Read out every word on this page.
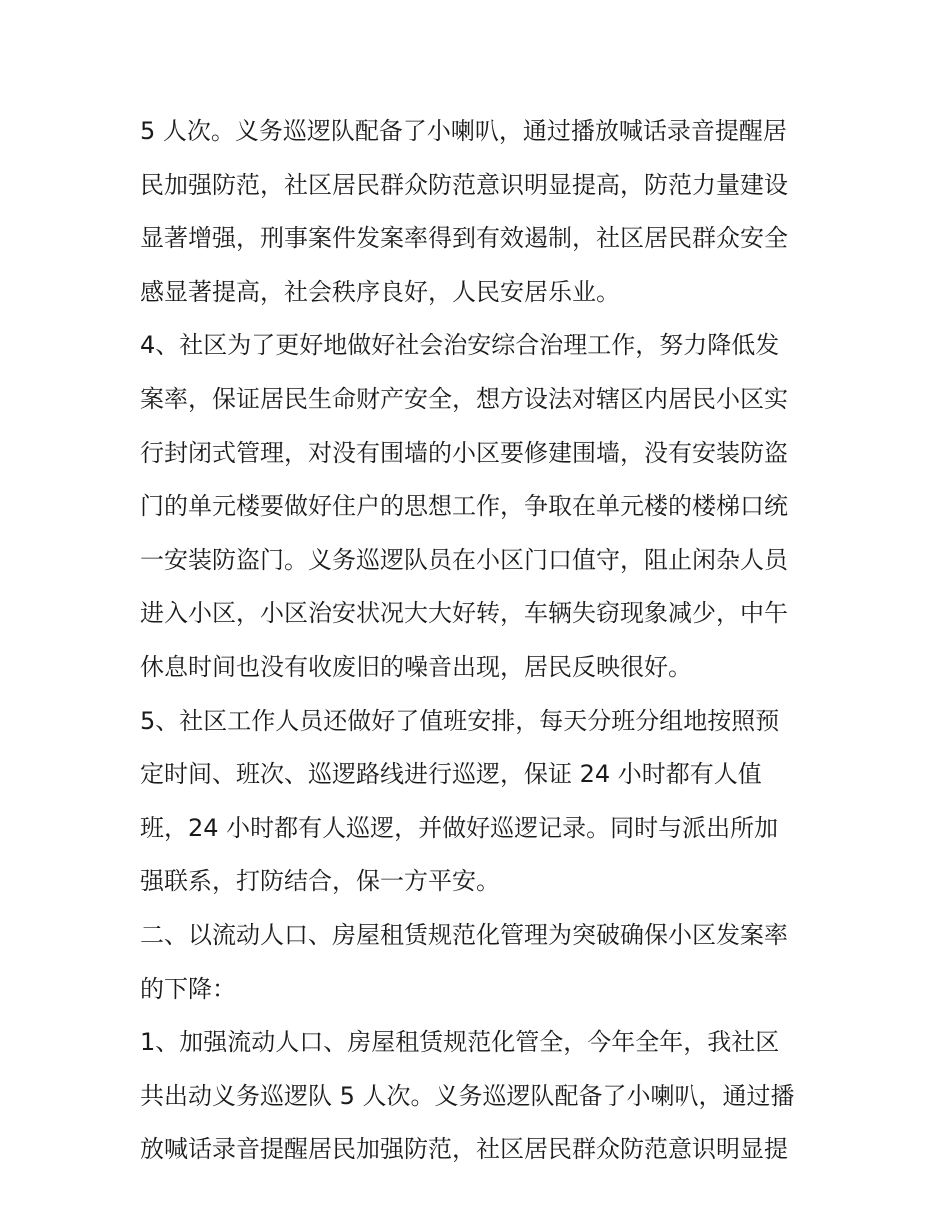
5 人次。义务巡逻队配备了小喇叭，通过播放喊话录音提醒居
民加强防范，社区居民群众防范意识明显提高，防范力量建设
显著增强，刑事案件发案率得到有效遏制，社区居民群众安全
感显著提高，社会秩序良好，人民安居乐业。
4、社区为了更好地做好社会治安综合治理工作，努力降低发
案率，保证居民生命财产安全，想方设法对辖区内居民小区实
行封闭式管理，对没有围墙的小区要修建围墙，没有安装防盗
门的单元楼要做好住户的思想工作，争取在单元楼的楼梯口统
一安装防盗门。义务巡逻队员在小区门口值守，阻止闲杂人员
进入小区，小区治安状况大大好转，车辆失窃现象减少，中午
休息时间也没有收废旧的噪音出现，居民反映很好。
5、社区工作人员还做好了值班安排，每天分班分组地按照预
定时间、班次、巡逻路线进行巡逻，保证 24 小时都有人值
班，24 小时都有人巡逻，并做好巡逻记录。同时与派出所加
强联系，打防结合，保一方平安。
二、以流动人口、房屋租赁规范化管理为突破确保小区发案率
的下降：
1、加强流动人口、房屋租赁规范化管全，今年全年，我社区
共出动义务巡逻队 5 人次。义务巡逻队配备了小喇叭，通过播
放喊话录音提醒居民加强防范，社区居民群众防范意识明显提
